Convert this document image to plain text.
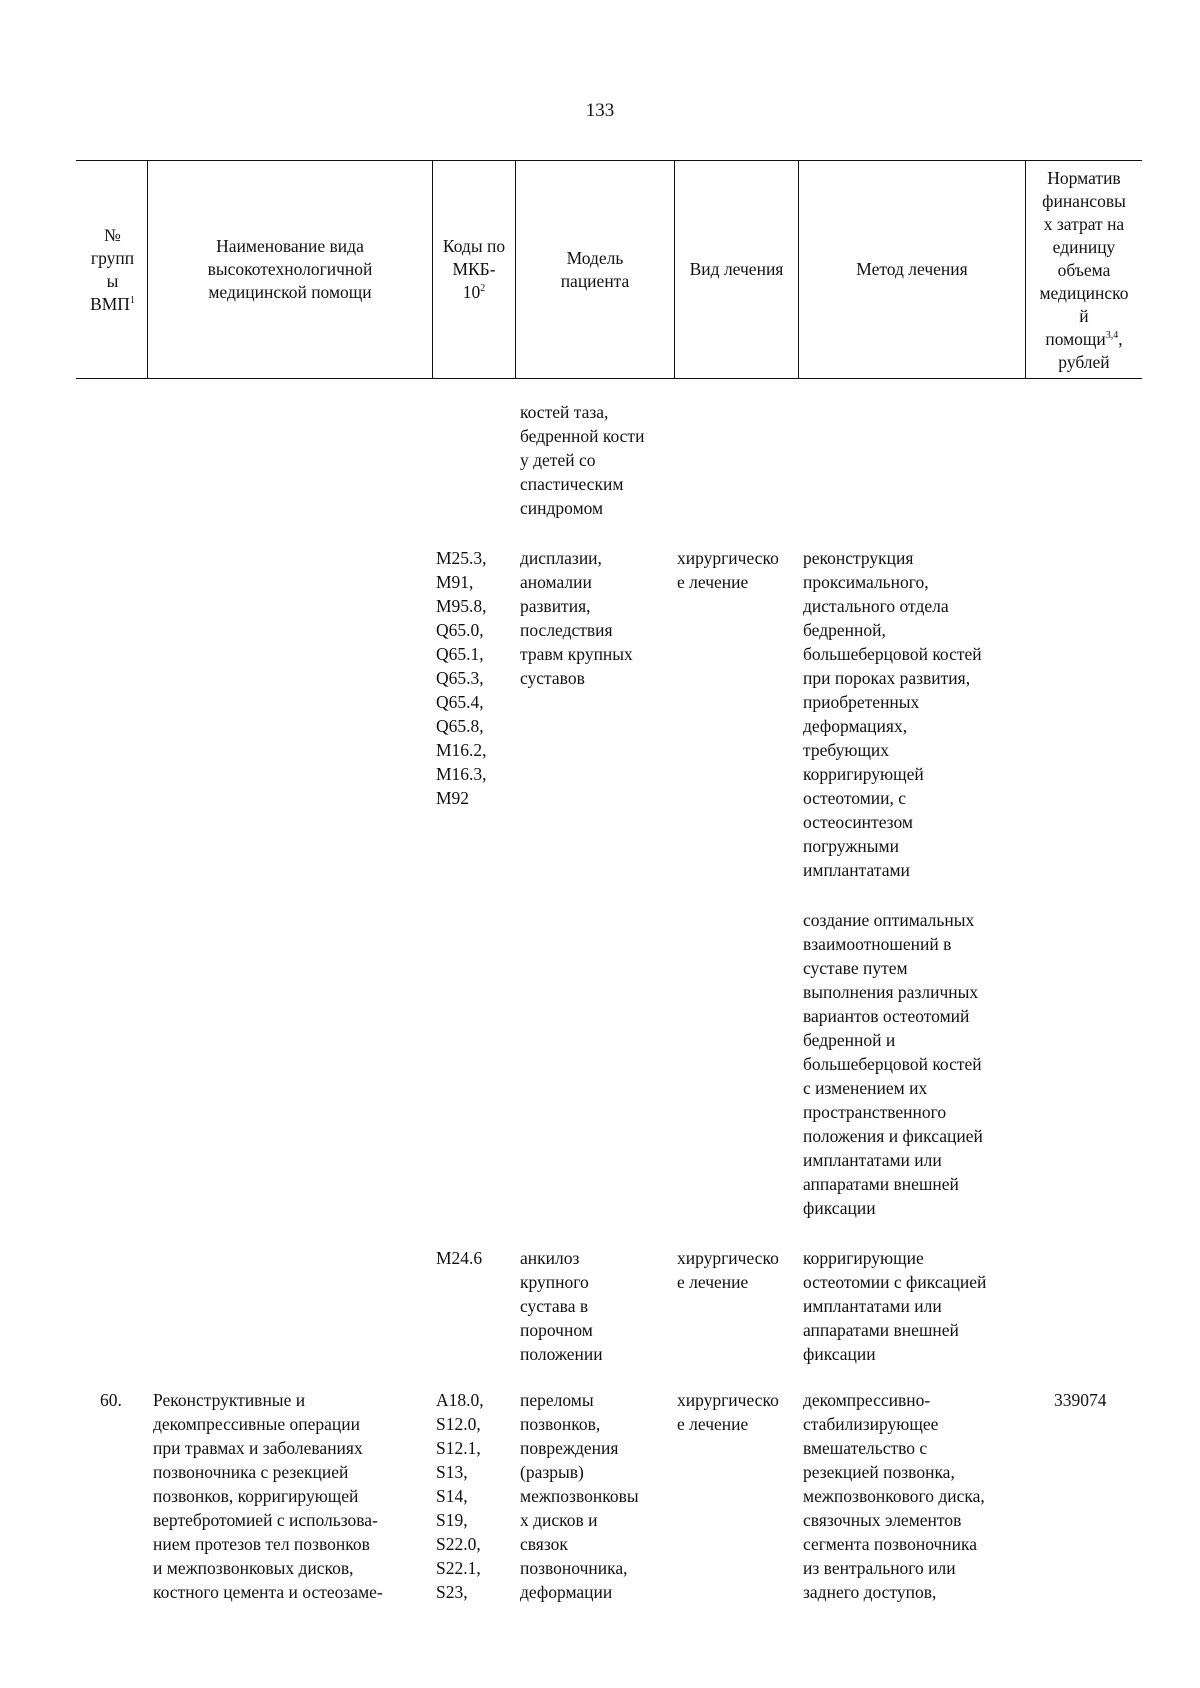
133
№
групп
ы
ВМП$^1$
Наименование вида
высокотехнологичной
медицинской помощи
Коды по
МКБ-
$10^2$
Модель
пациента
Вид лечения	Метод лечения
Норматив
финансовы
х затрат на
единицу
объема
медицинско
й
помощи$^{3,4}$,
рублей
костей таза,
бедренной кости
у детей со
спастическим
синдромом
M25.3,
M91,
M95.8,
Q65.0,
Q65.1,
Q65.3,
Q65.4,
Q65.8,
M16.2,
M16.3,
M92
дисплазии,
аномалии
развития,
последствия
травм крупных
суставов
хирургическо
е лечение
реконструкция
проксимального,
дистального отдела
бедренной,
большеберцовой костей
при пороках развития,
приобретенных
деформациях,
требующих
корригирующей
остеотомии, с
остеосинтезом
погружными
имплантатами
создание оптимальных
взаимоотношений в
суставе путем
выполнения различных
вариантов остеотомий
бедренной и
большеберцовой костей
с изменением их
пространственного
положения и фиксацией
имплантатами или
аппаратами внешней
фиксации
M24.6 анкилоз
крупного
сустава в
порочном
положении
хирургическо
е лечение
корригирующие
остеотомии с фиксацией
имплантатами или
аппаратами внешней
фиксации
60. Реконструктивные и
декомпрессивные операции
при травмах и заболеваниях
позвоночника с резекцией
позвонков, корригирующей
вертебротомией с использова-
нием протезов тел позвонков
и межпозвонковых дисков,
костного цемента и остеозаме-
A18.0,
S12.0,
S12.1,
S13,
S14,
S19,
S22.0,
S22.1,
S23,
переломы
позвонков,
повреждения
(разрыв)
межпозвонковы
х дисков и
связок
позвоночника,
деформации
хирургическо
е лечение
декомпрессивно-
стабилизирующее
вмешательство с
резекцией позвонка,
межпозвонкового диска,
связочных элементов
сегмента позвоночника
из вентрального или
заднего доступов,
339074
